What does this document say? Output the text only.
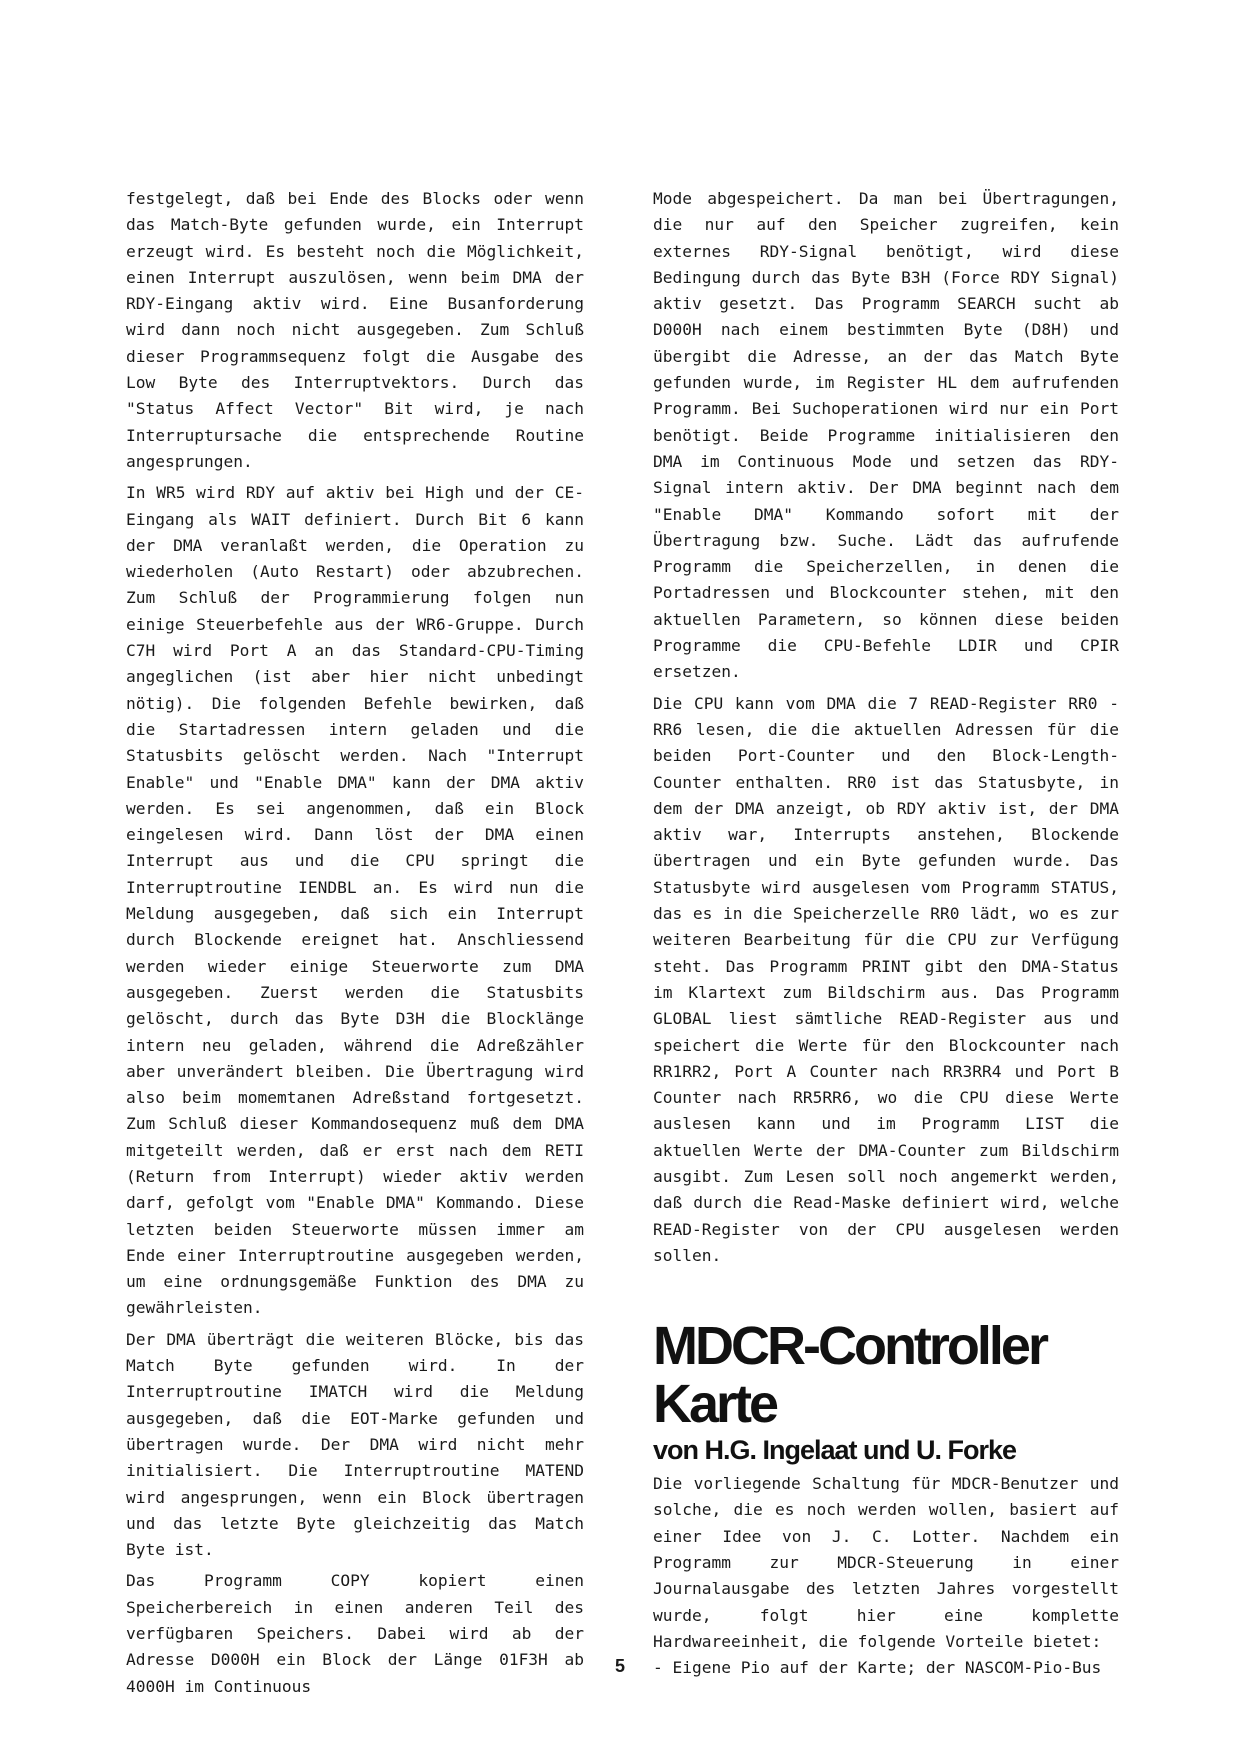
festgelegt, daß bei Ende des Blocks oder wenn das Match-Byte gefunden wurde, ein Interrupt erzeugt wird. Es besteht noch die Möglichkeit, einen Interrupt auszulösen, wenn beim DMA der RDY-Eingang aktiv wird. Eine Busanforderung wird dann noch nicht ausgegeben. Zum Schluß dieser Programmsequenz folgt die Ausgabe des Low Byte des Interruptvektors. Durch das "Status Affect Vector" Bit wird, je nach Interruptursache die entsprechende Routine angesprungen.

In WR5 wird RDY auf aktiv bei High und der CE-Eingang als WAIT definiert. Durch Bit 6 kann der DMA veranlaßt werden, die Operation zu wiederholen (Auto Restart) oder abzubrechen. Zum Schluß der Programmierung folgen nun einige Steuerbefehle aus der WR6-Gruppe. Durch C7H wird Port A an das Standard-CPU-Timing angeglichen (ist aber hier nicht unbedingt nötig). Die folgenden Befehle bewirken, daß die Startadressen intern geladen und die Statusbits gelöscht werden. Nach "Interrupt Enable" und "Enable DMA" kann der DMA aktiv werden. Es sei angenommen, daß ein Block eingelesen wird. Dann löst der DMA einen Interrupt aus und die CPU springt die Interruptroutine IENDBL an. Es wird nun die Meldung ausgegeben, daß sich ein Interrupt durch Blockende ereignet hat. Anschliessend werden wieder einige Steuerworte zum DMA ausgegeben. Zuerst werden die Statusbits gelöscht, durch das Byte D3H die Blocklänge intern neu geladen, während die Adreßzähler aber unverändert bleiben. Die Übertragung wird also beim momemtanen Adreßstand fortgesetzt. Zum Schluß dieser Kommandosequenz muß dem DMA mitgeteilt werden, daß er erst nach dem RETI (Return from Interrupt) wieder aktiv werden darf, gefolgt vom "Enable DMA" Kommando. Diese letzten beiden Steuerworte müssen immer am Ende einer Interruptroutine ausgegeben werden, um eine ordnungsgemäße Funktion des DMA zu gewährleisten.

Der DMA überträgt die weiteren Blöcke, bis das Match Byte gefunden wird. In der Interruptroutine IMATCH wird die Meldung ausgegeben, daß die EOT-Marke gefunden und übertragen wurde. Der DMA wird nicht mehr initialisiert. Die Interruptroutine MATEND wird angesprungen, wenn ein Block übertragen und das letzte Byte gleichzeitig das Match Byte ist.

Das Programm COPY kopiert einen Speicherbereich in einen anderen Teil des verfügbaren Speichers. Dabei wird ab der Adresse D000H ein Block der Länge 01F3H ab 4000H im Continuous

Mode abgespeichert. Da man bei Übertragungen, die nur auf den Speicher zugreifen, kein externes RDY-Signal benötigt, wird diese Bedingung durch das Byte B3H (Force RDY Signal) aktiv gesetzt. Das Programm SEARCH sucht ab D000H nach einem bestimmten Byte (D8H) und übergibt die Adresse, an der das Match Byte gefunden wurde, im Register HL dem aufrufenden Programm. Bei Suchoperationen wird nur ein Port benötigt. Beide Programme initialisieren den DMA im Continuous Mode und setzen das RDY-Signal intern aktiv. Der DMA beginnt nach dem "Enable DMA" Kommando sofort mit der Übertragung bzw. Suche. Lädt das aufrufende Programm die Speicherzellen, in denen die Portadressen und Blockcounter stehen, mit den aktuellen Parametern, so können diese beiden Programme die CPU-Befehle LDIR und CPIR ersetzen.

Die CPU kann vom DMA die 7 READ-Register RR0 - RR6 lesen, die die aktuellen Adressen für die beiden Port-Counter und den Block-Length-Counter enthalten. RR0 ist das Statusbyte, in dem der DMA anzeigt, ob RDY aktiv ist, der DMA aktiv war, Interrupts anstehen, Blockende übertragen und ein Byte gefunden wurde. Das Statusbyte wird ausgelesen vom Programm STATUS, das es in die Speicherzelle RR0 lädt, wo es zur weiteren Bearbeitung für die CPU zur Verfügung steht. Das Programm PRINT gibt den DMA-Status im Klartext zum Bildschirm aus. Das Programm GLOBAL liest sämtliche READ-Register aus und speichert die Werte für den Blockcounter nach RR1RR2, Port A Counter nach RR3RR4 und Port B Counter nach RR5RR6, wo die CPU diese Werte auslesen kann und im Programm LIST die aktuellen Werte der DMA-Counter zum Bildschirm ausgibt. Zum Lesen soll noch angemerkt werden, daß durch die Read-Maske definiert wird, welche READ-Register von der CPU ausgelesen werden sollen.

MDCR-Controller Karte
von H.G. Ingelaat und U. Forke

Die vorliegende Schaltung für MDCR-Benutzer und solche, die es noch werden wollen, basiert auf einer Idee von J. C. Lotter. Nachdem ein Programm zur MDCR-Steuerung in einer Journalausgabe des letzten Jahres vorgestellt wurde, folgt hier eine komplette Hardwareeinheit, die folgende Vorteile bietet:

- Eigene Pio auf der Karte; der NASCOM-Pio-Bus

5
